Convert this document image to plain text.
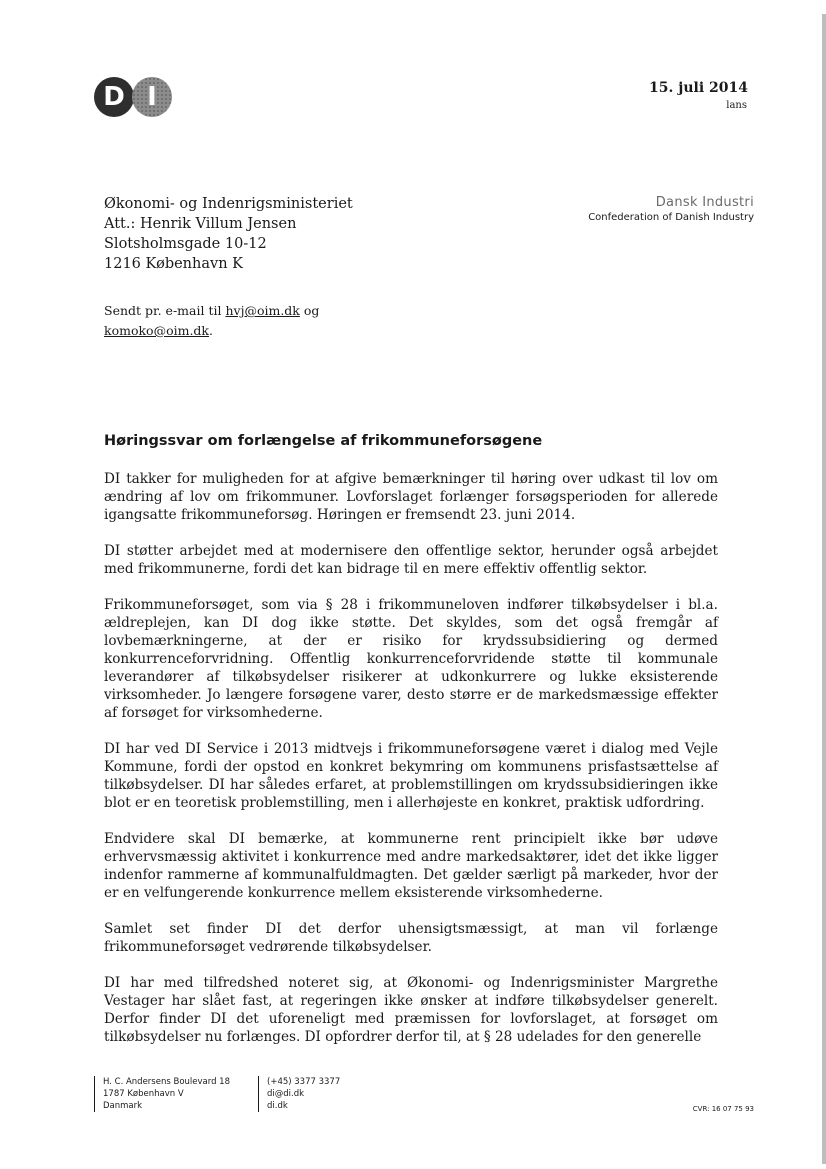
D I	15. juli 2014
lans
Økonomi- og Indenrigsministeriet
Att.: Henrik Villum Jensen
Slotsholmsgade 10-12
1216 København K
Dansk Industri
Confederation of Danish Industry
Sendt pr. e-mail til hvj@oim.dk og
komoko@oim.dk.
Høringssvar om forlængelse af frikommuneforsøgene

DI takker for muligheden for at afgive bemærkninger til høring over udkast til lov om ændring af lov om frikommuner. Lovforslaget forlænger forsøgsperioden for allerede igangsatte frikommuneforsøg. Høringen er fremsendt 23. juni 2014.

DI støtter arbejdet med at modernisere den offentlige sektor, herunder også arbejdet med frikommunerne, fordi det kan bidrage til en mere effektiv offentlig sektor.

Frikommuneforsøget, som via § 28 i frikommuneloven indfører tilkøbsydelser i bl.a. ældreplejen, kan DI dog ikke støtte. Det skyldes, som det også fremgår af lovbemærkningerne, at der er risiko for krydssubsidiering og dermed konkurrenceforvridning. Offentlig konkurrenceforvridende støtte til kommunale leverandører af tilkøbsydelser risikerer at udkonkurrere og lukke eksisterende virksomheder. Jo længere forsøgene varer, desto større er de markedsmæssige effekter af forsøget for virksomhederne.

DI har ved DI Service i 2013 midtvejs i frikommuneforsøgene været i dialog med Vejle Kommune, fordi der opstod en konkret bekymring om kommunens prisfastsættelse af tilkøbsydelser. DI har således erfaret, at problemstillingen om krydssubsidieringen ikke blot er en teoretisk problemstilling, men i allerhøjeste en konkret, praktisk udfordring.

Endvidere skal DI bemærke, at kommunerne rent principielt ikke bør udøve erhvervsmæssig aktivitet i konkurrence med andre markedsaktører, idet det ikke ligger indenfor rammerne af kommunalfuldmagten. Det gælder særligt på markeder, hvor der er en velfungerende konkurrence mellem eksisterende virksomhederne.

Samlet set finder DI det derfor uhensigtsmæssigt, at man vil forlænge frikommuneforsøget vedrørende tilkøbsydelser.

DI har med tilfredshed noteret sig, at Økonomi- og Indenrigsminister Margrethe Vestager har slået fast, at regeringen ikke ønsker at indføre tilkøbsydelser generelt. Derfor finder DI det uforeneligt med præmissen for lovforslaget, at forsøget om tilkøbsydelser nu forlænges. DI opfordrer derfor til, at § 28 udelades for den generelle

H. C. Andersens Boulevard 18
1787 København V
Danmark
(+45) 3377 3377
di@di.dk
di.dk	CVR: 16 07 75 93
